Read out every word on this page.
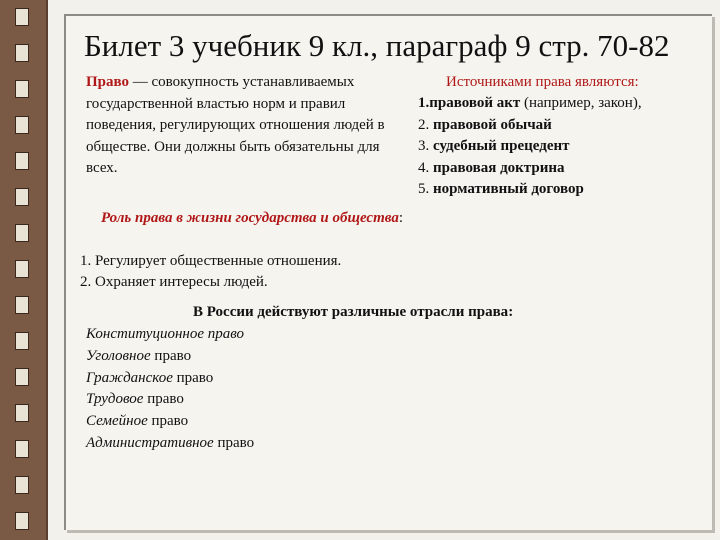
Билет 3 учебник 9 кл., параграф 9 стр. 70-82
Право — совокупность устанавливаемых государственной властью норм и правил поведения, регулирующих отношения людей в обществе. Они должны быть обязательны для всех.
Источниками права являются:
1.правовой акт (например, закон),
2. правовой обычай
3. судебный прецедент
4. правовая доктрина
5. нормативный договор
Роль права в жизни государства и общества:
1. Регулирует общественные отношения.
2. Охраняет интересы людей.
В России действуют различные отрасли права:
Конституционное право
Уголовное право
Гражданское право
Трудовое право
Семейное право
Административное право
